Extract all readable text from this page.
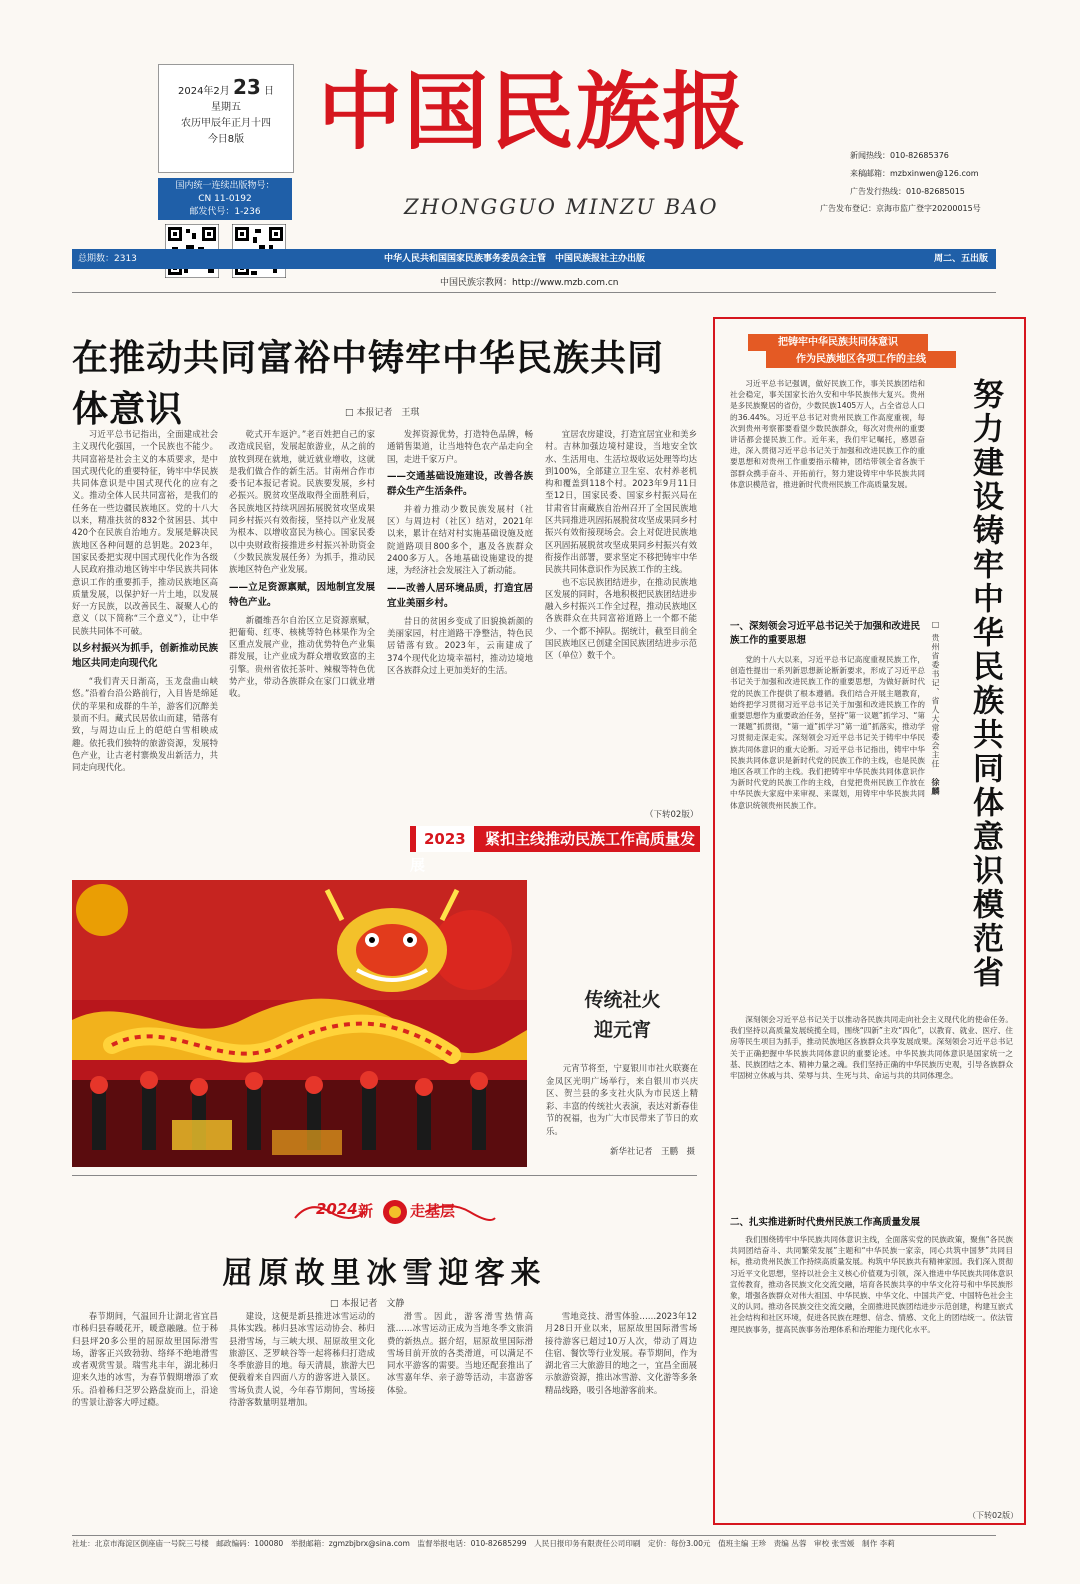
2024年2月 23 日
星期五
农历甲辰年正月十四
今日8版
国内统一连续出版物号：
CN 11-0192
邮发代号：1-236
中国民族报
ZHONGGUO MINZU BAO
新闻热线：010-82685376
来稿邮箱：mzbxinwen@126.com
广告发行热线：010-82685015
广告发布登记：京海市监广登字20200015号
总期数：2313	中华人民共和国国家民族事务委员会主管　中国民族报社主办出版	周二、五出版
中国民族宗教网：http://www.mzb.com.cn
在推动共同富裕中铸牢中华民族共同体意识	□ 本报记者　王琪

习近平总书记指出，全面建成社会主义现代化强国，一个民族也不能少。共同富裕是社会主义的本质要求，是中国式现代化的重要特征，铸牢中华民族共同体意识是中国式现代化的应有之义。推动全体人民共同富裕，是我们的任务在一些边疆民族地区。党的十八大以来，精准扶贫的832个贫困县、其中420个在民族自治地方。发展是解决民族地区各种问题的总钥匙。2023年，国家民委把实现中国式现代化作为各级人民政府推动地区铸牢中华民族共同体意识工作的重要抓手，推动民族地区高质量发展，以保护好一片土地，以发展好一方民族，以改善民生、凝聚人心的意义（以下简称“三个意义”），让中华民族共同体不可破。

以乡村振兴为抓手，创新推动民族地区共同走向现代化

“我们青天日渐高，玉龙盘曲山峡悠。”沿着台沿公路前行，入目皆是绵延伏的苹果和成群的牛羊，游客们沉醉美景而不归。藏式民居依山而建，错落有致，与周边山丘上的皑皑白雪相映成趣。依托我们独特的旅游资源，发展特色产业，让古老村寨焕发出新活力，共同走向现代化。

乾式开车返沪。”老百姓把自己的家改造成民宿，发展起旅游业，从之前的放牧到现在就地，就近就业增收，这就是我们做合作的新生活。甘南州合作市委书记本报记者说。民族要发展，乡村必振兴。脱贫攻坚战取得全面胜利后，各民族地区持续巩固拓展脱贫攻坚成果同乡村振兴有效衔接，坚持以产业发展为根本、以增收富民为核心。国家民委以中央财政衔接推进乡村振兴补助资金（少数民族发展任务）为抓手，推动民族地区特色产业发展。

——立足资源禀赋，因地制宜发展特色产业。

新疆维吾尔自治区立足资源禀赋，把葡萄、红枣、核桃等特色林果作为全区重点发展产业，推动优势特色产业集群发展，让产业成为群众增收致富的主引擎。贵州省依托茶叶、辣椒等特色优势产业，带动各族群众在家门口就业增收。

发挥资源优势，打造特色品牌，畅通销售渠道，让当地特色农产品走向全国，走进千家万户。

——交通基础设施建设，改善各族群众生产生活条件。

并着力推动少数民族发展村（社区）与周边村（社区）结对，2021年以来，累计在结对村实施基础设施及庭院道路项目800多个，惠及各族群众2400多万人。各地基础设施建设的提速，为经济社会发展注入了新动能。

——改善人居环境品质，打造宜居宜业美丽乡村。

昔日的贫困乡变成了旧貌换新颜的美丽家园，村庄道路干净整洁，特色民居错落有致。2023年，云南建成了374个现代化边境幸福村，推动边境地区各族群众过上更加美好的生活。

宜居农房建设，打造宜居宜业和美乡村。吉林加强边境村建设，当地安全饮水、生活用电、生活垃圾收运处理等均达到100%，全部建立卫生室、农村养老机构和覆盖到118个村。2023年9月11日至12日，国家民委、国家乡村振兴局在甘肃省甘南藏族自治州召开了全国民族地区共同推进巩固拓展脱贫攻坚成果同乡村振兴有效衔接现场会。会上对促进民族地区巩固拓展脱贫攻坚成果同乡村振兴有效衔接作出部署，要求坚定不移把铸牢中华民族共同体意识作为民族工作的主线。

也不忘民族团结进步，在推动民族地区发展的同时，各地积极把民族团结进步融入乡村振兴工作全过程，推动民族地区各族群众在共同富裕道路上一个都不能少、一个都不掉队。据统计，截至目前全国民族地区已创建全国民族团结进步示范区（单位）数千个。

（下转02版）
2023 紧扣主线推动民族工作高质量发展
传统社火
迎元宵
元宵节将至，宁夏银川市社火联赛在金凤区光明广场举行，来自银川市兴庆区、贺兰县的多支社火队为市民送上精彩、丰富的传统社火表演，表达对新春佳节的祝福，也为广大市民带来了节日的欢乐。
新华社记者　王鹏　摄
2024 新 走基层
屈原故里冰雪迎客来
□ 本报记者　文静

春节期间，气温回升让湖北省宜昌市秭归县春暖花开，暖意融融。位于秭归县坪20多公里的屈原故里国际滑雪场，游客正兴致勃勃、络绎不绝地滑雪或者观赏雪景。瑞雪兆丰年，湖北秭归迎来久违的冰雪，为春节假期增添了欢乐。沿着秭归芝罗公路盘旋而上，沿途的雪景让游客大呼过瘾。

建设，这便是新县推进冰雪运动的具体实践。秭归县冰雪运动协会、秭归县滑雪场，与三峡大坝、屈原故里文化旅游区、芝罗峡谷等一起将秭归打造成冬季旅游目的地。每天清晨，旅游大巴便载着来自四面八方的游客进入景区。雪场负责人说，今年春节期间，雪场接待游客数量明显增加。

滑雪。因此，游客滑雪热情高涨……冰雪运动正成为当地冬季文旅消费的新热点。据介绍，屈原故里国际滑雪场目前开放的各类滑道，可以满足不同水平游客的需要。当地还配套推出了冰雪嘉年华、亲子游等活动，丰富游客体验。

雪地竞技、滑雪体验……2023年12月28日开业以来，屈原故里国际滑雪场接待游客已超过10万人次，带动了周边住宿、餐饮等行业发展。春节期间，作为湖北省三大旅游目的地之一，宜昌全面展示旅游资源，推出冰雪游、文化游等多条精品线路，吸引各地游客前来。

把铸牢中华民族共同体意识
作为民族地区各项工作的主线
努力建设铸牢中华民族共同体意识模范省
□ 贵州省委书记、省人大常委会主任 徐麟

习近平总书记强调，做好民族工作，事关民族团结和社会稳定，事关国家长治久安和中华民族伟大复兴。贵州是多民族聚居的省份，少数民族1405万人，占全省总人口的36.44%。习近平总书记对贵州民族工作高度重视，每次到贵州考察都要看望少数民族群众，每次对贵州的重要讲话都会提民族工作。近年来，我们牢记嘱托，感恩奋进，深入贯彻习近平总书记关于加强和改进民族工作的重要思想和对贵州工作重要指示精神，团结带领全省各族干部群众携手奋斗、开拓前行，努力建设铸牢中华民族共同体意识模范省，推进新时代贵州民族工作高质量发展。

一、深刻领会习近平总书记关于加强和改进民族工作的重要思想

党的十八大以来，习近平总书记高度重视民族工作，创造性提出一系列新思想新论断新要求，形成了习近平总书记关于加强和改进民族工作的重要思想，为做好新时代党的民族工作提供了根本遵循。我们结合开展主题教育，始终把学习贯彻习近平总书记关于加强和改进民族工作的重要思想作为重要政治任务，坚持“第一议题”抓学习、“第一课题”抓贯彻，“第一道”抓学习“第一道”抓落实，推动学习贯彻走深走实。深刻领会习近平总书记关于铸牢中华民族共同体意识的重大论断。习近平总书记指出，铸牢中华民族共同体意识是新时代党的民族工作的主线，也是民族地区各项工作的主线。我们把铸牢中华民族共同体意识作为新时代党的民族工作的主线，自觉把贵州民族工作放在中华民族大家庭中来审视、来谋划，用铸牢中华民族共同体意识统领贵州民族工作。

深刻领会习近平总书记关于以推动各民族共同走向社会主义现代化的使命任务。我们坚持以高质量发展统揽全局，围绕“四新”主攻“四化”，以教育、就业、医疗、住房等民生项目为抓手，推动民族地区各族群众共享发展成果。深刻领会习近平总书记关于正确把握中华民族共同体意识的重要论述。中华民族共同体意识是国家统一之基、民族团结之本、精神力量之魂。我们坚持正确的中华民族历史观，引导各族群众牢固树立休戚与共、荣辱与共、生死与共、命运与共的共同体理念。

二、扎实推进新时代贵州民族工作高质量发展

我们围绕铸牢中华民族共同体意识主线，全面落实党的民族政策，聚焦“各民族共同团结奋斗、共同繁荣发展”主题和“中华民族一家亲，同心共筑中国梦”共同目标，推动贵州民族工作持续高质量发展。构筑中华民族共有精神家园。我们深入贯彻习近平文化思想，坚持以社会主义核心价值观为引领，深入推进中华民族共同体意识宣传教育，推动各民族文化交流交融，培育各民族共享的中华文化符号和中华民族形象，增强各族群众对伟大祖国、中华民族、中华文化、中国共产党、中国特色社会主义的认同。推动各民族交往交流交融，全面推进民族团结进步示范创建，构建互嵌式社会结构和社区环境，促进各民族在理想、信念、情感、文化上的团结统一。依法管理民族事务，提高民族事务治理体系和治理能力现代化水平。

（下转02版）
社址：北京市海淀区倒座庙一号院三号楼　邮政编码：100080　举报邮箱：zgmzbjbrx@sina.com　监督举报电话：010-82685299　人民日报印务有限责任公司印刷　定价：每份3.00元　值班主编 王珍　责编 丛蓉　审校 张雪媛　制作 李莉
